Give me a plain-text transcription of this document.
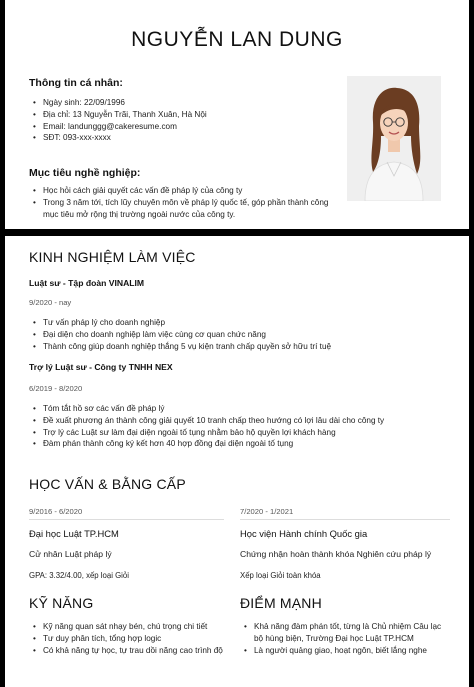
NGUYỄN LAN DUNG
Thông tin cá nhân:
• Ngày sinh: 22/09/1996
• Địa chỉ: 13 Nguyễn Trãi, Thanh Xuân, Hà Nội
• Email: landunggg@cakeresume.com
• SĐT: 093-xxx-xxxx
Mục tiêu nghề nghiệp:
• Học hỏi cách giải quyết các vấn đề pháp lý của công ty
• Trong 3 năm tới, tích lũy chuyên môn về pháp lý quốc tế, góp phần thành công mục tiêu mở rộng thị trường ngoài nước của công ty.
KINH NGHIỆM LÀM VIỆC
Luật sư - Tập đoàn VINALIM
9/2020 - nay
• Tư vấn pháp lý cho doanh nghiệp
• Đại diện cho doanh nghiệp làm việc cùng cơ quan chức năng
• Thành công giúp doanh nghiệp thắng 5 vụ kiện tranh chấp quyền sở hữu trí tuệ
Trợ lý Luật sư - Công ty TNHH NEX
6/2019 - 8/2020
• Tóm tắt hồ sơ các vấn đề pháp lý
• Đề xuất phương án thành công giải quyết 10 tranh chấp theo hướng có lợi lâu dài cho công ty
• Trợ lý các Luật sư làm đại diện ngoài tố tụng nhằm bảo hộ quyền lợi khách hàng
• Đàm phán thành công ký kết hơn 40 hợp đồng đại diện ngoài tố tụng
HỌC VẤN & BẰNG CẤP
9/2016 - 6/2020
Đại học Luật TP.HCM
Cử nhân Luật pháp lý
GPA: 3.32/4.00, xếp loại Giỏi
7/2020 - 1/2021
Học viện Hành chính Quốc gia
Chứng nhận hoàn thành khóa Nghiên cứu pháp lý
Xếp loại Giỏi toàn khóa
KỸ NĂNG
• Kỹ năng quan sát nhạy bén, chú trọng chi tiết
• Tư duy phân tích, tổng hợp logic
• Có khả năng tự học, tự trau dồi năng cao trình độ
ĐIỂM MẠNH
• Khả năng đàm phán tốt, từng là Chủ nhiệm Câu lạc bộ hùng biện, Trường Đại học Luật TP.HCM
• Là người quảng giao, hoạt ngôn, biết lắng nghe
